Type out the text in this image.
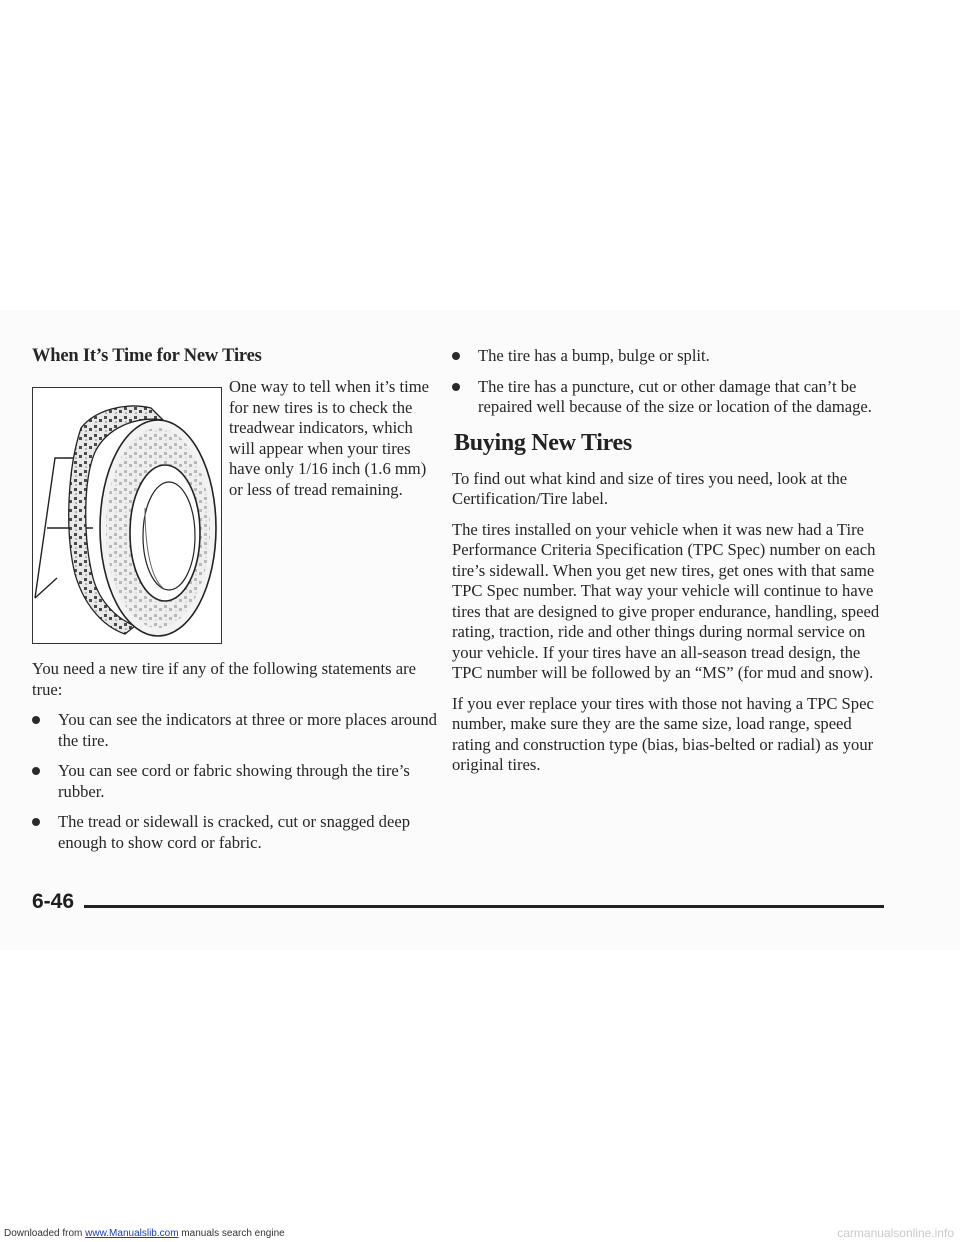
When It’s Time for New Tires

One way to tell when it’s time for new tires is to check the treadwear indicators, which will appear when your tires have only 1/16 inch (1.6 mm) or less of tread remaining.

You need a new tire if any of the following statements are true:

You can see the indicators at three or more places around the tire.

You can see cord or fabric showing through the tire’s rubber.

The tread or sidewall is cracked, cut or snagged deep enough to show cord or fabric.

The tire has a bump, bulge or split.

The tire has a puncture, cut or other damage that can’t be repaired well because of the size or location of the damage.

Buying New Tires

To find out what kind and size of tires you need, look at the Certification/Tire label.

The tires installed on your vehicle when it was new had a Tire Performance Criteria Specification (TPC Spec) number on each tire’s sidewall. When you get new tires, get ones with that same TPC Spec number. That way your vehicle will continue to have tires that are designed to give proper endurance, handling, speed rating, traction, ride and other things during normal service on your vehicle. If your tires have an all-season tread design, the TPC number will be followed by an “MS” (for mud and snow).

If you ever replace your tires with those not having a TPC Spec number, make sure they are the same size, load range, speed rating and construction type (bias, bias-belted or radial) as your original tires.

6-46
Downloaded from www.Manualslib.com manuals search engine	carmanualsonline.info
